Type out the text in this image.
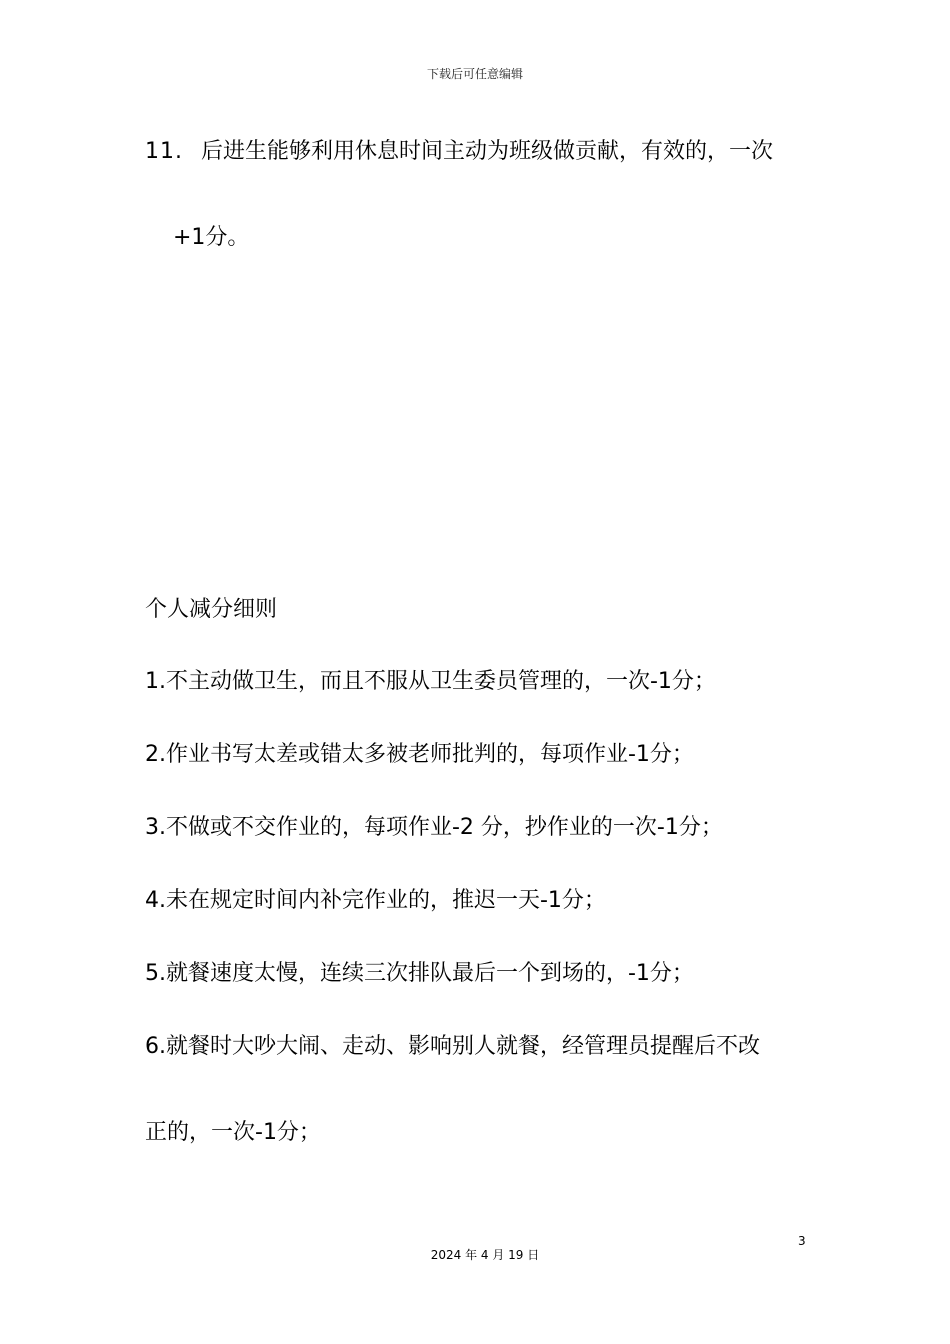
下载后可任意编辑
11. 后进生能够利用休息时间主动为班级做贡献，有效的，一次
+1分。
个人减分细则
1.不主动做卫生，而且不服从卫生委员管理的，一次-1分；
2.作业书写太差或错太多被老师批判的，每项作业-1分；
3.不做或不交作业的，每项作业-2 分，抄作业的一次-1分；
4.未在规定时间内补完作业的，推迟一天-1分；
5.就餐速度太慢，连续三次排队最后一个到场的，-1分；
6.就餐时大吵大闹、走动、影响别人就餐，经管理员提醒后不改
正的，一次-1分；
3
2024 年 4 月 19 日
